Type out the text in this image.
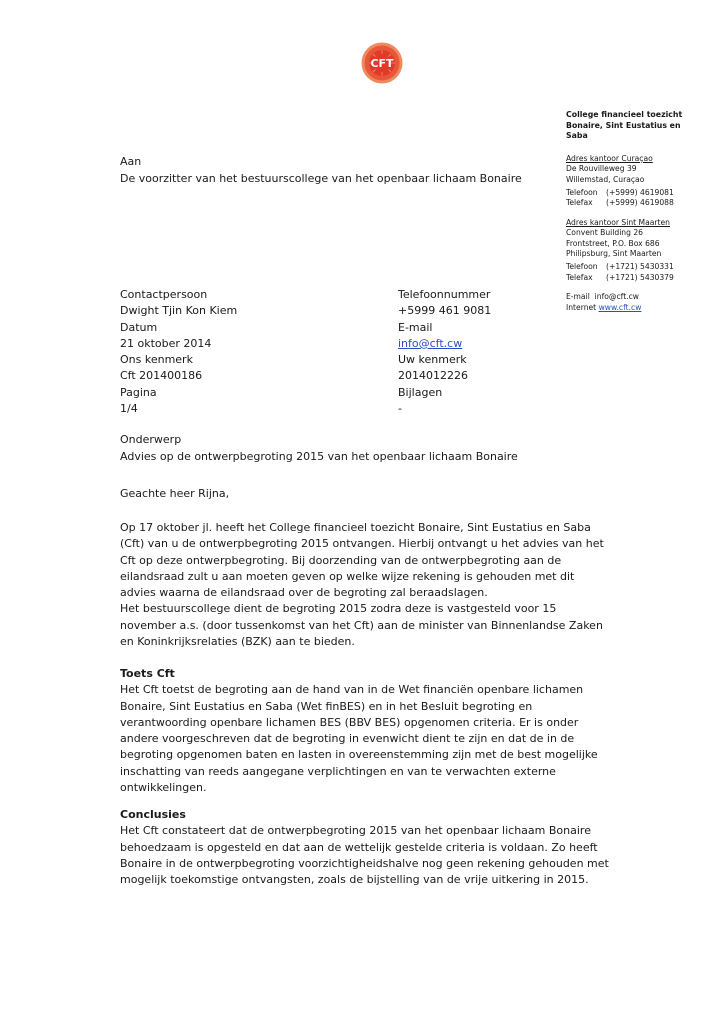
CFT
College financieel toezicht
Bonaire, Sint Eustatius en
Saba
Adres kantoor Curaçao
De Rouvilleweg 39
Willemstad, Curaçao
Telefoon	(+5999) 4619081
Telefax	(+5999) 4619088
Adres kantoor Sint Maarten
Convent Building 26
Frontstreet, P.O. Box 686
Philipsburg, Sint Maarten
Telefoon	(+1721) 5430331
Telefax	(+1721) 5430379
E-mail info@cft.cw
Internet www.cft.cw
Aan
De voorzitter van het bestuurscollege van het openbaar lichaam Bonaire
Contactpersoon
Dwight Tjin Kon Kiem
Datum
21 oktober 2014
Ons kenmerk
Cft 201400186
Pagina
1/4
Telefoonnummer
+5999 461 9081
E-mail
info@cft.cw
Uw kenmerk
2014012226
Bijlagen
-
Onderwerp
Advies op de ontwerpbegroting 2015 van het openbaar lichaam Bonaire
Geachte heer Rijna,
Op 17 oktober jl. heeft het College financieel toezicht Bonaire, Sint Eustatius en Saba
(Cft) van u de ontwerpbegroting 2015 ontvangen. Hierbij ontvangt u het advies van het
Cft op deze ontwerpbegroting. Bij doorzending van de ontwerpbegroting aan de
eilandsraad zult u aan moeten geven op welke wijze rekening is gehouden met dit
advies waarna de eilandsraad over de begroting zal beraadslagen.
Het bestuurscollege dient de begroting 2015 zodra deze is vastgesteld voor 15
november a.s. (door tussenkomst van het Cft) aan de minister van Binnenlandse Zaken
en Koninkrijksrelaties (BZK) aan te bieden.
Toets Cft
Het Cft toetst de begroting aan de hand van in de Wet financiën openbare lichamen
Bonaire, Sint Eustatius en Saba (Wet finBES) en in het Besluit begroting en
verantwoording openbare lichamen BES (BBV BES) opgenomen criteria. Er is onder
andere voorgeschreven dat de begroting in evenwicht dient te zijn en dat de in de
begroting opgenomen baten en lasten in overeenstemming zijn met de best mogelijke
inschatting van reeds aangegane verplichtingen en van te verwachten externe
ontwikkelingen.
Conclusies
Het Cft constateert dat de ontwerpbegroting 2015 van het openbaar lichaam Bonaire
behoedzaam is opgesteld en dat aan de wettelijk gestelde criteria is voldaan. Zo heeft
Bonaire in de ontwerpbegroting voorzichtigheidshalve nog geen rekening gehouden met
mogelijk toekomstige ontvangsten, zoals de bijstelling van de vrije uitkering in 2015.
